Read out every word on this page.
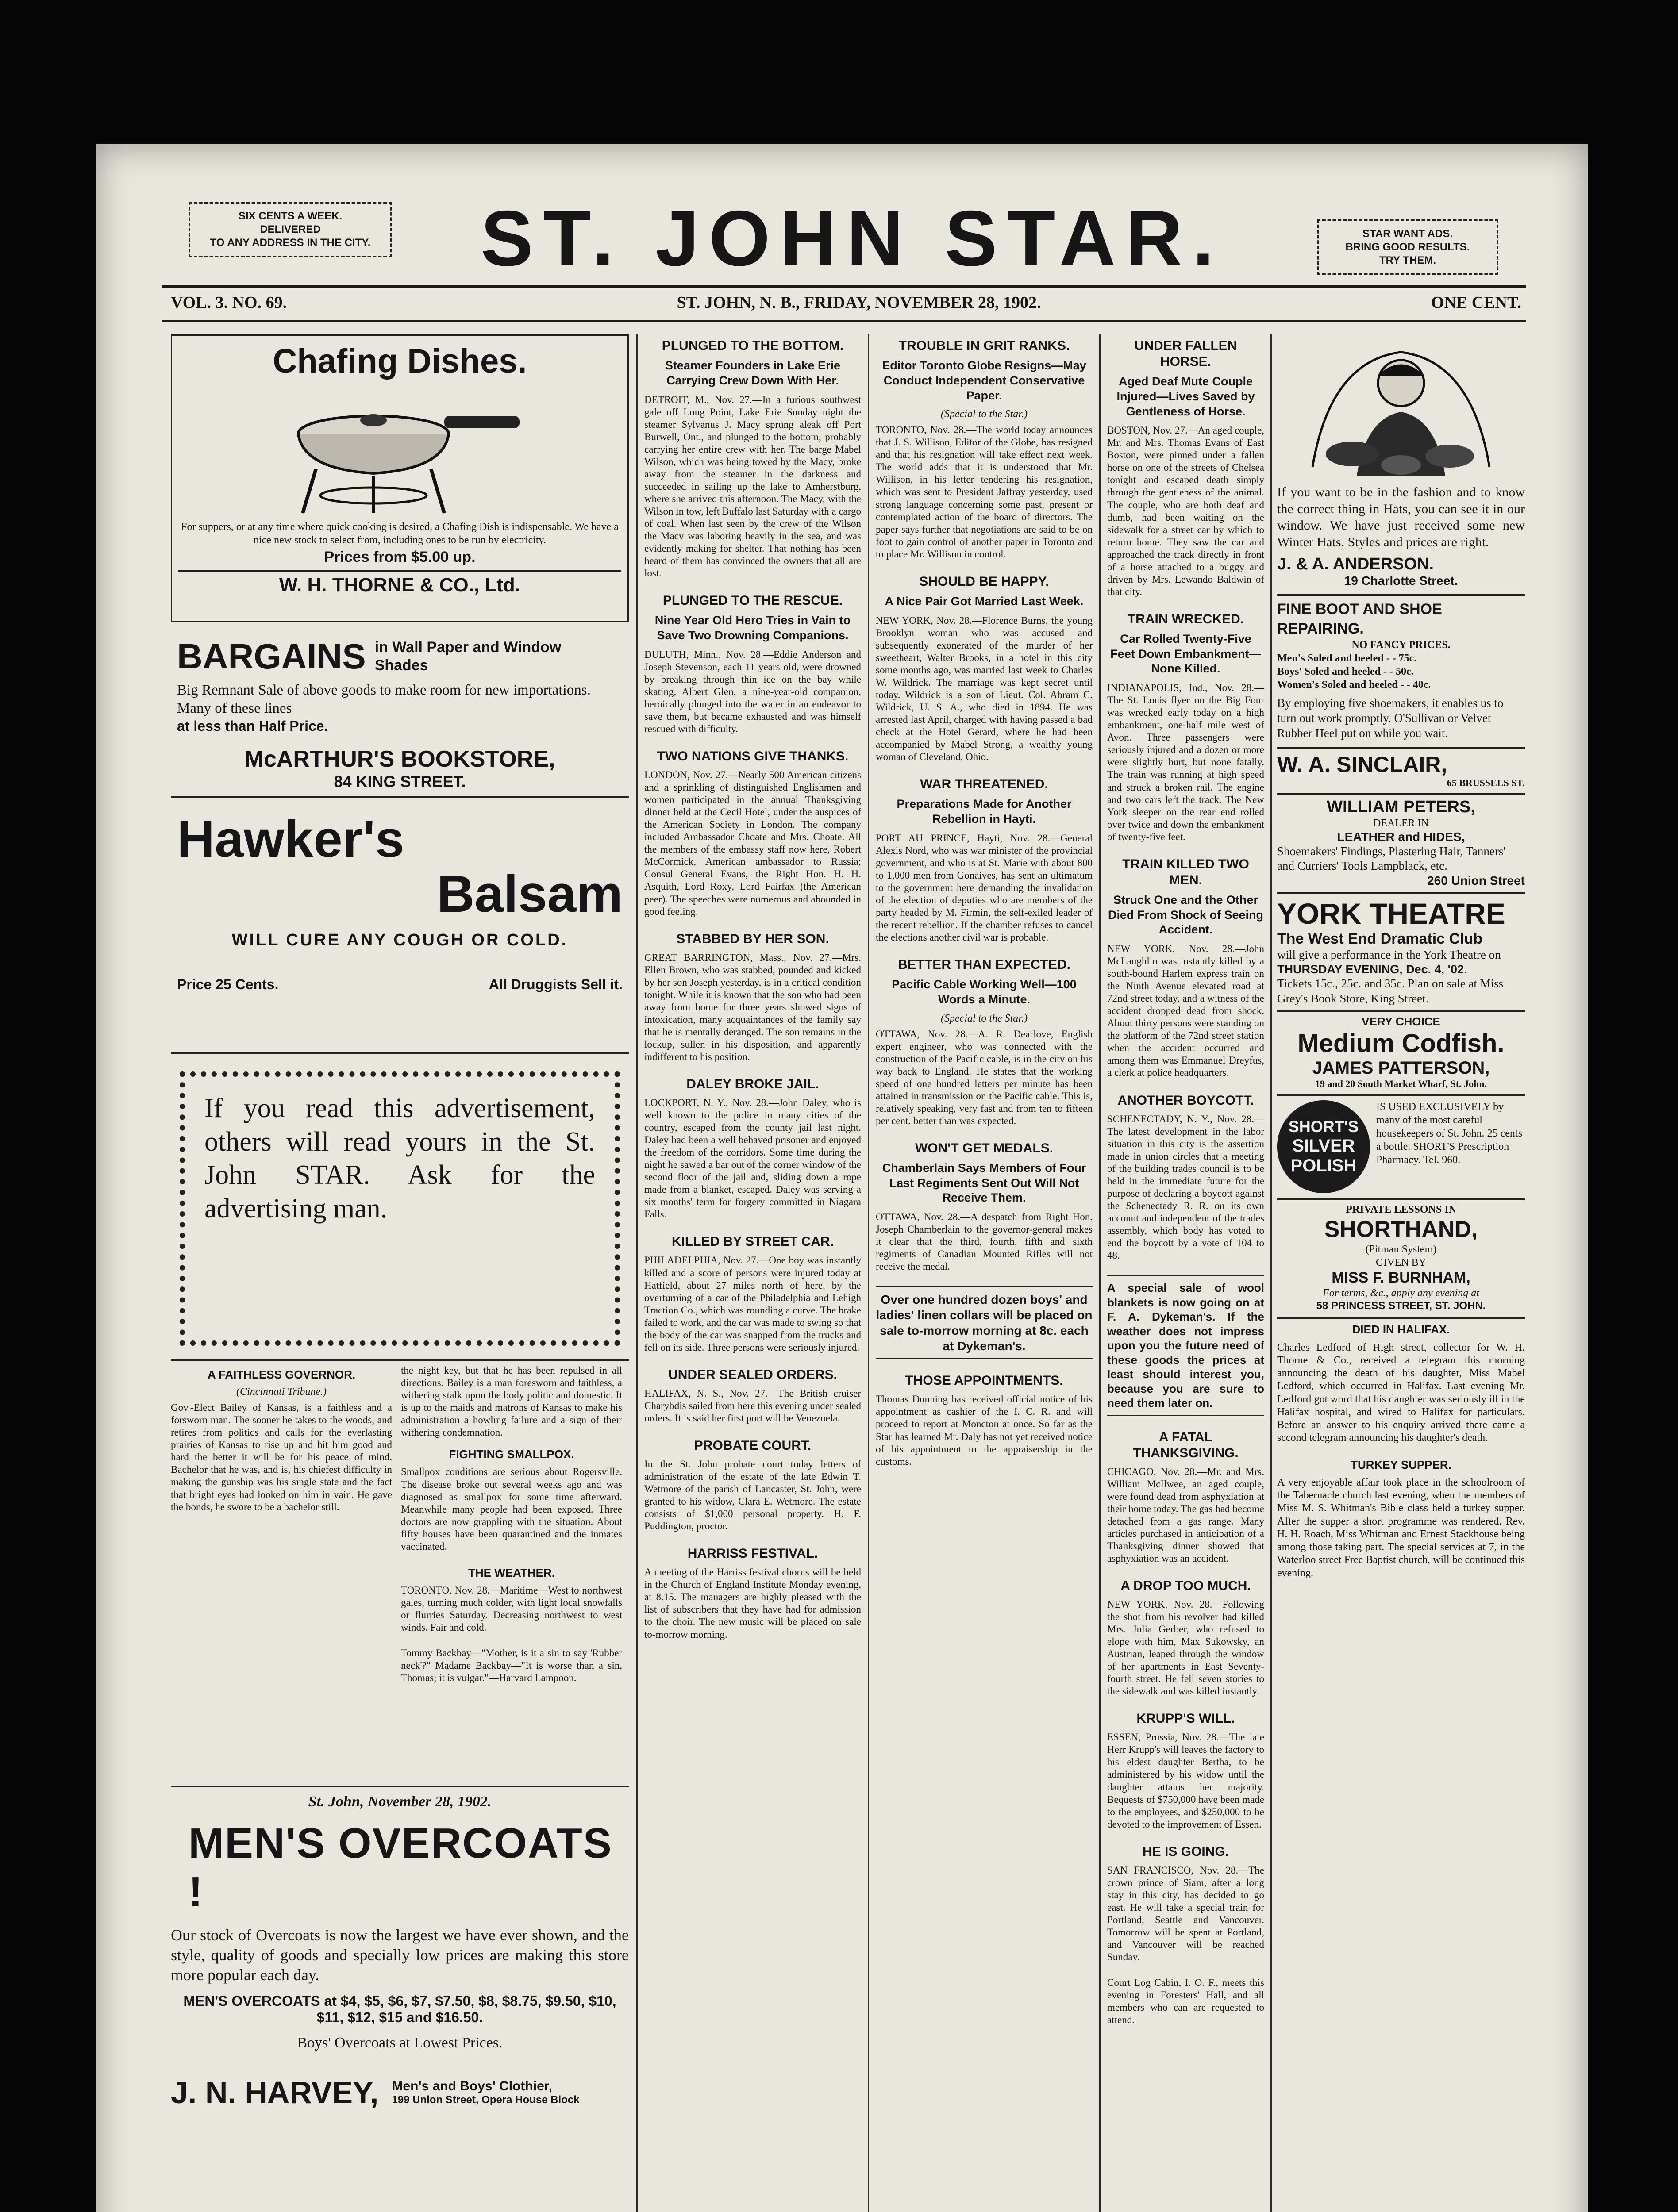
SIX CENTS A WEEK.
DELIVERED
TO ANY ADDRESS IN THE CITY.	ST. JOHN STAR.	STAR WANT ADS.
BRING GOOD RESULTS.
TRY THEM.
VOL. 3. NO. 69.	ST. JOHN, N. B., FRIDAY, NOVEMBER 28, 1902.	ONE CENT.
Chafing Dishes.
For suppers, or at any time where quick cooking is desired, a Chafing Dish is indispensable. We have a nice new stock to select from, including ones to be run by electricity.
Prices from $5.00 up.
W. H. THORNE & CO., Ltd.
BARGAINS in Wall Paper and Window Shades
Big Remnant Sale of above goods to make room for new importations. Many of these lines
at less than Half Price.
McARTHUR'S BOOKSTORE,
84 KING STREET.
Hawker's
Balsam
WILL CURE ANY COUGH OR COLD.
Price 25 Cents.	All Druggists Sell it.
If you read this advertisement, others will read yours in the St. John STAR. Ask for the advertising man.
A FAITHLESS GOVERNOR.
(Cincinnati Tribune.)
Gov.-Elect Bailey of Kansas, is a faithless and a forsworn man. The sooner he takes to the woods, and retires from politics and calls for the everlasting prairies of Kansas to rise up and hit him good and hard the better it will be for his peace of mind. Bachelor that he was, and is, his chiefest difficulty in making the gunship was his single state and the fact that bright eyes had looked on him in vain. He gave the bonds, he swore to be a bachelor still.
the night key, but that he has been repulsed in all directions. Bailey is a man foresworn and faithless, a withering stalk upon the body politic and domestic. It is up to the maids and matrons of Kansas to make his administration a howling failure and a sign of their withering condemnation.
FIGHTING SMALLPOX.
Smallpox conditions are serious about Rogersville. The disease broke out several weeks ago and was diagnosed as smallpox for some time afterward. Meanwhile many people had been exposed. Three doctors are now grappling with the situation. About fifty houses have been quarantined and the inmates vaccinated.
THE WEATHER.
TORONTO, Nov. 28.—Maritime—West to northwest gales, turning much colder, with light local snowfalls or flurries Saturday. Decreasing northwest to west winds. Fair and cold.
Tommy Backbay—"Mother, is it a sin to say 'Rubber neck'?" Madame Backbay—"It is worse than a sin, Thomas; it is vulgar."—Harvard Lampoon.
St. John, November 28, 1902.
MEN'S OVERCOATS !
Our stock of Overcoats is now the largest we have ever shown, and the style, quality of goods and specially low prices are making this store more popular each day.
MEN'S OVERCOATS at $4, $5, $6, $7, $7.50, $8, $8.75, $9.50, $10, $11, $12, $15 and $16.50.
Boys' Overcoats at Lowest Prices.
J. N. HARVEY, Men's and Boys' Clothier,
199 Union Street, Opera House Block
PLUNGED TO THE BOTTOM.
Steamer Founders in Lake Erie Carrying Crew Down With Her.
DETROIT, M., Nov. 27.—In a furious southwest gale off Long Point, Lake Erie Sunday night the steamer Sylvanus J. Macy sprung aleak off Port Burwell, Ont., and plunged to the bottom, probably carrying her entire crew with her. The barge Mabel Wilson, which was being towed by the Macy, broke away from the steamer in the darkness and succeeded in sailing up the lake to Amherstburg, where she arrived this afternoon. The Macy, with the Wilson in tow, left Buffalo last Saturday with a cargo of coal. When last seen by the crew of the Wilson the Macy was laboring heavily in the sea, and was evidently making for shelter. That nothing has been heard of them has convinced the owners that all are lost.
PLUNGED TO THE RESCUE.
Nine Year Old Hero Tries in Vain to Save Two Drowning Companions.
DULUTH, Minn., Nov. 28.—Eddie Anderson and Joseph Stevenson, each 11 years old, were drowned by breaking through thin ice on the bay while skating. Albert Glen, a nine-year-old companion, heroically plunged into the water in an endeavor to save them, but became exhausted and was himself rescued with difficulty.
TWO NATIONS GIVE THANKS.
LONDON, Nov. 27.—Nearly 500 American citizens and a sprinkling of distinguished Englishmen and women participated in the annual Thanksgiving dinner held at the Cecil Hotel, under the auspices of the American Society in London. The company included Ambassador Choate and Mrs. Choate. All the members of the embassy staff now here, Robert McCormick, American ambassador to Russia; Consul General Evans, the Right Hon. H. H. Asquith, Lord Roxy, Lord Fairfax (the American peer). The speeches were numerous and abounded in good feeling.
STABBED BY HER SON.
GREAT BARRINGTON, Mass., Nov. 27.—Mrs. Ellen Brown, who was stabbed, pounded and kicked by her son Joseph yesterday, is in a critical condition tonight. While it is known that the son who had been away from home for three years showed signs of intoxication, many acquaintances of the family say that he is mentally deranged. The son remains in the lockup, sullen in his disposition, and apparently indifferent to his position.
DALEY BROKE JAIL.
LOCKPORT, N. Y., Nov. 28.—John Daley, who is well known to the police in many cities of the country, escaped from the county jail last night. Daley had been a well behaved prisoner and enjoyed the freedom of the corridors. Some time during the night he sawed a bar out of the corner window of the second floor of the jail and, sliding down a rope made from a blanket, escaped. Daley was serving a six months' term for forgery committed in Niagara Falls.
KILLED BY STREET CAR.
PHILADELPHIA, Nov. 27.—One boy was instantly killed and a score of persons were injured today at Hatfield, about 27 miles north of here, by the overturning of a car of the Philadelphia and Lehigh Traction Co., which was rounding a curve. The brake failed to work, and the car was made to swing so that the body of the car was snapped from the trucks and fell on its side. Three persons were seriously injured.
UNDER SEALED ORDERS.
HALIFAX, N. S., Nov. 27.—The British cruiser Charybdis sailed from here this evening under sealed orders. It is said her first port will be Venezuela.
PROBATE COURT.
In the St. John probate court today letters of administration of the estate of the late Edwin T. Wetmore of the parish of Lancaster, St. John, were granted to his widow, Clara E. Wetmore. The estate consists of $1,000 personal property. H. F. Puddington, proctor.
HARRISS FESTIVAL.
A meeting of the Harriss festival chorus will be held in the Church of England Institute Monday evening, at 8.15. The managers are highly pleased with the list of subscribers that they have had for admission to the choir. The new music will be placed on sale to-morrow morning.
TROUBLE IN GRIT RANKS.
Editor Toronto Globe Resigns—May Conduct Independent Conservative Paper.
(Special to the Star.)
TORONTO, Nov. 28.—The world today announces that J. S. Willison, Editor of the Globe, has resigned and that his resignation will take effect next week. The world adds that it is understood that Mr. Willison, in his letter tendering his resignation, which was sent to President Jaffray yesterday, used strong language concerning some past, present or contemplated action of the board of directors. The paper says further that negotiations are said to be on foot to gain control of another paper in Toronto and to place Mr. Willison in control.
SHOULD BE HAPPY.
A Nice Pair Got Married Last Week.
NEW YORK, Nov. 28.—Florence Burns, the young Brooklyn woman who was accused and subsequently exonerated of the murder of her sweetheart, Walter Brooks, in a hotel in this city some months ago, was married last week to Charles W. Wildrick. The marriage was kept secret until today. Wildrick is a son of Lieut. Col. Abram C. Wildrick, U. S. A., who died in 1894. He was arrested last April, charged with having passed a bad check at the Hotel Gerard, where he had been accompanied by Mabel Strong, a wealthy young woman of Cleveland, Ohio.
WAR THREATENED.
Preparations Made for Another Rebellion in Hayti.
PORT AU PRINCE, Hayti, Nov. 28.—General Alexis Nord, who was war minister of the provincial government, and who is at St. Marie with about 800 to 1,000 men from Gonaives, has sent an ultimatum to the government here demanding the invalidation of the election of deputies who are members of the party headed by M. Firmin, the self-exiled leader of the recent rebellion. If the chamber refuses to cancel the elections another civil war is probable.
BETTER THAN EXPECTED.
Pacific Cable Working Well—100 Words a Minute.
(Special to the Star.)
OTTAWA, Nov. 28.—A. R. Dearlove, English expert engineer, who was connected with the construction of the Pacific cable, is in the city on his way back to England. He states that the working speed of one hundred letters per minute has been attained in transmission on the Pacific cable. This is, relatively speaking, very fast and from ten to fifteen per cent. better than was expected.
WON'T GET MEDALS.
Chamberlain Says Members of Four Last Regiments Sent Out Will Not Receive Them.
OTTAWA, Nov. 28.—A despatch from Right Hon. Joseph Chamberlain to the governor-general makes it clear that the third, fourth, fifth and sixth regiments of Canadian Mounted Rifles will not receive the medal.
Over one hundred dozen boys' and ladies' linen collars will be placed on sale to-morrow morning at 8c. each at Dykeman's.
THOSE APPOINTMENTS.
Thomas Dunning has received official notice of his appointment as cashier of the I. C. R. and will proceed to report at Moncton at once. So far as the Star has learned Mr. Daly has not yet received notice of his appointment to the appraisership in the customs.
UNDER FALLEN HORSE.
Aged Deaf Mute Couple Injured—Lives Saved by Gentleness of Horse.
BOSTON, Nov. 27.—An aged couple, Mr. and Mrs. Thomas Evans of East Boston, were pinned under a fallen horse on one of the streets of Chelsea tonight and escaped death simply through the gentleness of the animal. The couple, who are both deaf and dumb, had been waiting on the sidewalk for a street car by which to return home. They saw the car and approached the track directly in front of a horse attached to a buggy and driven by Mrs. Lewando Baldwin of that city.
TRAIN WRECKED.
Car Rolled Twenty-Five Feet Down Embankment—None Killed.
INDIANAPOLIS, Ind., Nov. 28.—The St. Louis flyer on the Big Four was wrecked early today on a high embankment, one-half mile west of Avon. Three passengers were seriously injured and a dozen or more were slightly hurt, but none fatally. The train was running at high speed and struck a broken rail. The engine and two cars left the track. The New York sleeper on the rear end rolled over twice and down the embankment of twenty-five feet.
TRAIN KILLED TWO MEN.
Struck One and the Other Died From Shock of Seeing Accident.
NEW YORK, Nov. 28.—John McLaughlin was instantly killed by a south-bound Harlem express train on the Ninth Avenue elevated road at 72nd street today, and a witness of the accident dropped dead from shock. About thirty persons were standing on the platform of the 72nd street station when the accident occurred and among them was Emmanuel Dreyfus, a clerk at police headquarters.
ANOTHER BOYCOTT.
SCHENECTADY, N. Y., Nov. 28.—The latest development in the labor situation in this city is the assertion made in union circles that a meeting of the building trades council is to be held in the immediate future for the purpose of declaring a boycott against the Schenectady R. R. on its own account and independent of the trades assembly, which body has voted to end the boycott by a vote of 104 to 48.
A special sale of wool blankets is now going on at F. A. Dykeman's. If the weather does not impress upon you the future need of these goods the prices at least should interest you, because you are sure to need them later on.
A FATAL THANKSGIVING.
CHICAGO, Nov. 28.—Mr. and Mrs. William McIlwee, an aged couple, were found dead from asphyxiation at their home today. The gas had become detached from a gas range. Many articles purchased in anticipation of a Thanksgiving dinner showed that asphyxiation was an accident.
A DROP TOO MUCH.
NEW YORK, Nov. 28.—Following the shot from his revolver had killed Mrs. Julia Gerber, who refused to elope with him, Max Sukowsky, an Austrian, leaped through the window of her apartments in East Seventy-fourth street. He fell seven stories to the sidewalk and was killed instantly.
KRUPP'S WILL.
ESSEN, Prussia, Nov. 28.—The late Herr Krupp's will leaves the factory to his eldest daughter Bertha, to be administered by his widow until the daughter attains her majority. Bequests of $750,000 have been made to the employees, and $250,000 to be devoted to the improvement of Essen.
HE IS GOING.
SAN FRANCISCO, Nov. 28.—The crown prince of Siam, after a long stay in this city, has decided to go east. He will take a special train for Portland, Seattle and Vancouver. Tomorrow will be spent at Portland, and Vancouver will be reached Sunday.
Court Log Cabin, I. O. F., meets this evening in Foresters' Hall, and all members who can are requested to attend.
If you want to be in the fashion and to know the correct thing in Hats, you can see it in our window. We have just received some new Winter Hats. Styles and prices are right.
J. & A. ANDERSON.
19 Charlotte Street.
FINE BOOT AND SHOE REPAIRING.
NO FANCY PRICES.
Men's Soled and heeled - - 75c.
Boys' Soled and heeled - - 50c.
Women's Soled and heeled - - 40c.
By employing five shoemakers, it enables us to turn out work promptly. O'Sullivan or Velvet Rubber Heel put on while you wait.
W. A. SINCLAIR,
65 BRUSSELS ST.
WILLIAM PETERS,
DEALER IN
LEATHER and HIDES,
Shoemakers' Findings, Plastering Hair, Tanners' and Curriers' Tools Lampblack, etc.
260 Union Street
YORK THEATRE
The West End Dramatic Club
will give a performance in the York Theatre on
THURSDAY EVENING, Dec. 4, '02.
Tickets 15c., 25c. and 35c. Plan on sale at Miss Grey's Book Store, King Street.
VERY CHOICE
Medium Codfish.
JAMES PATTERSON,
19 and 20 South Market Wharf, St. John.
SHORT'S
SILVER
POLISH
IS USED EXCLUSIVELY by many of the most careful housekeepers of St. John. 25 cents a bottle. SHORT'S Prescription Pharmacy. Tel. 960.
PRIVATE LESSONS IN
SHORTHAND,
(Pitman System)
GIVEN BY
MISS F. BURNHAM,
For terms, &c., apply any evening at
58 PRINCESS STREET, ST. JOHN.
DIED IN HALIFAX.
Charles Ledford of High street, collector for W. H. Thorne & Co., received a telegram this morning announcing the death of his daughter, Miss Mabel Ledford, which occurred in Halifax. Last evening Mr. Ledford got word that his daughter was seriously ill in the Halifax hospital, and wired to Halifax for particulars. Before an answer to his enquiry arrived there came a second telegram announcing his daughter's death.
TURKEY SUPPER.
A very enjoyable affair took place in the schoolroom of the Tabernacle church last evening, when the members of Miss M. S. Whitman's Bible class held a turkey supper. After the supper a short programme was rendered. Rev. H. H. Roach, Miss Whitman and Ernest Stackhouse being among those taking part. The special services at 7, in the Waterloo street Free Baptist church, will be continued this evening.
